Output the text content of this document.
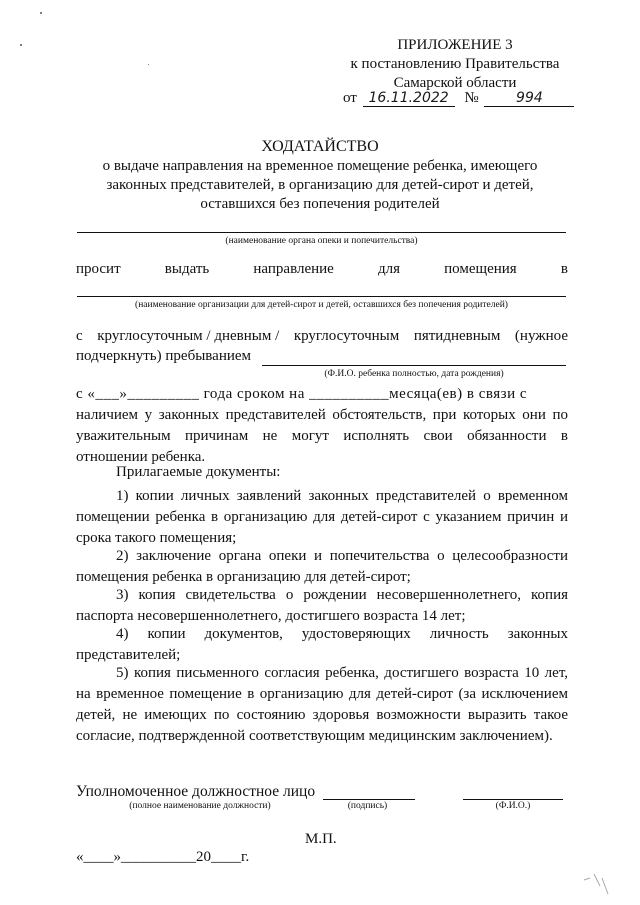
ПРИЛОЖЕНИЕ 3
к постановлению Правительства
Самарской области
от 16.11.2022 №	994
ХОДАТАЙСТВО
о выдаче направления на временное помещение ребенка, имеющего
законных представителей, в организацию для детей-сирот и детей,
оставшихся без попечения родителей
(наименование органа опеки и попечительства)
просит	выдать	направление	для	помещения	в
(наименование организации для детей-сирот и детей, оставшихся без попечения родителей)
с круглосуточным / дневным / круглосуточным пятидневным (нужное
подчеркнуть) пребыванием
(Ф.И.О. ребенка полностью, дата рождения)
с «___»_________ года сроком на __________месяца(ев) в связи с
наличием у законных представителей обстоятельств, при которых они по уважительным причинам не могут исполнять свои обязанности в отношении ребенка.
Прилагаемые документы:
1) копии личных заявлений законных представителей о временном помещении ребенка в организацию для детей-сирот с указанием причин и срока такого помещения;
2) заключение органа опеки и попечительства о целесообразности помещения ребенка в организацию для детей-сирот;
3) копия свидетельства о рождении несовершеннолетнего, копия паспорта несовершеннолетнего, достигшего возраста 14 лет;
4) копии документов, удостоверяющих личность законных представителей;
5) копия письменного согласия ребенка, достигшего возраста 10 лет, на временное помещение в организацию для детей-сирот (за исключением детей, не имеющих по состоянию здоровья возможности выразить такое согласие, подтвержденной соответствующим медицинским заключением).
Уполномоченное должностное лицо
(полное наименование должности)	(подпись)	(Ф.И.О.)
М.П.
«____»__________20____г.
